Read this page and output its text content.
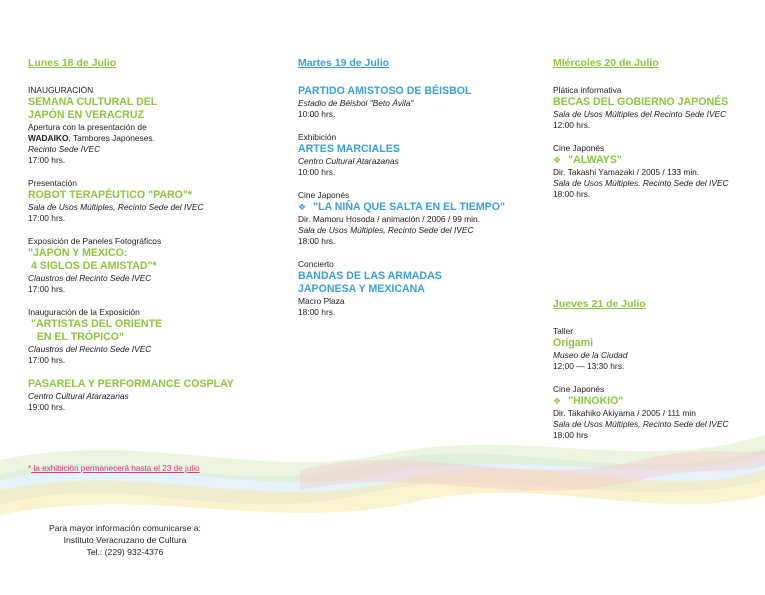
Lunes 18 de Julio
INAUGURACIÓN
SEMANA CULTURAL DEL
JAPÓN EN VERACRUZ
Apertura con la presentación de
WADAIKO, Tambores Japoneses.
Recinto Sede IVEC
17:00 hrs.
Presentación
ROBOT TERAPÉUTICO "PARO"*
Sala de Usos Múltiples, Recinto Sede del IVEC
17:00 hrs.
Exposición de Paneles Fotográficos
"JAPÓN Y MEXICO:
4 SIGLOS DE AMISTAD"*
Claustros del Recinto Sede IVEC
17:00 hrs.
Inauguración de la Exposición
"ARTISTAS DEL ORIENTE
EN EL TRÓPICO"
Claustros del Recinto Sede IVEC
17:00 hrs.
PASARELA Y PERFORMANCE COSPLAY
Centro Cultural Atarazanas
19:00 hrs.
Martes 19 de Julio
PARTIDO AMISTOSO DE BÉISBOL
Estadio de Béisbol "Beto Ávila"
10:00 hrs.
Exhibición
ARTES MARCIALES
Centro Cultural Atarazanas
10:00 hrs.
Cine Japonés
❖ "LA NIÑA QUE SALTA EN EL TIEMPO"
Dir. Mamoru Hosoda / animación / 2006 / 99 min.
Sala de Usos Múltiples, Recinto Sede del IVEC
18:00 hrs.
Concierto
BANDAS DE LAS ARMADAS
JAPONESA Y MEXICANA
Macro Plaza
18:00 hrs.
MIércoles 20 de Julio
Plática informativa
BECAS DEL GOBIERNO JAPONÉS
Sala de Usos Múltiples del Recinto Sede IVEC
12:00 hrs.
Cine Japonés
❖ "ALWAYS"
Dir. Takashi Yamazaki / 2005 / 133 min.
Sala de Usos Múltiples, Recinto Sede del IVEC
18:00 hrs.
Jueves 21 de Julio
Taller
Origami
Museo de la Ciudad
12:00 — 13:30 hrs.
Cine Japonés
❖ "HINOKIO"
Dir. Takahiko Akiyama / 2005 / 111 min
Sala de Usos Múltiples, Recinto Sede del IVEC
18:00 hrs
* la exhibición permanecerá hasta el 23 de julio
Para mayor información comunicarse a:
Instituto Veracruzano de Cultura
Tel.: (229) 932-4376
